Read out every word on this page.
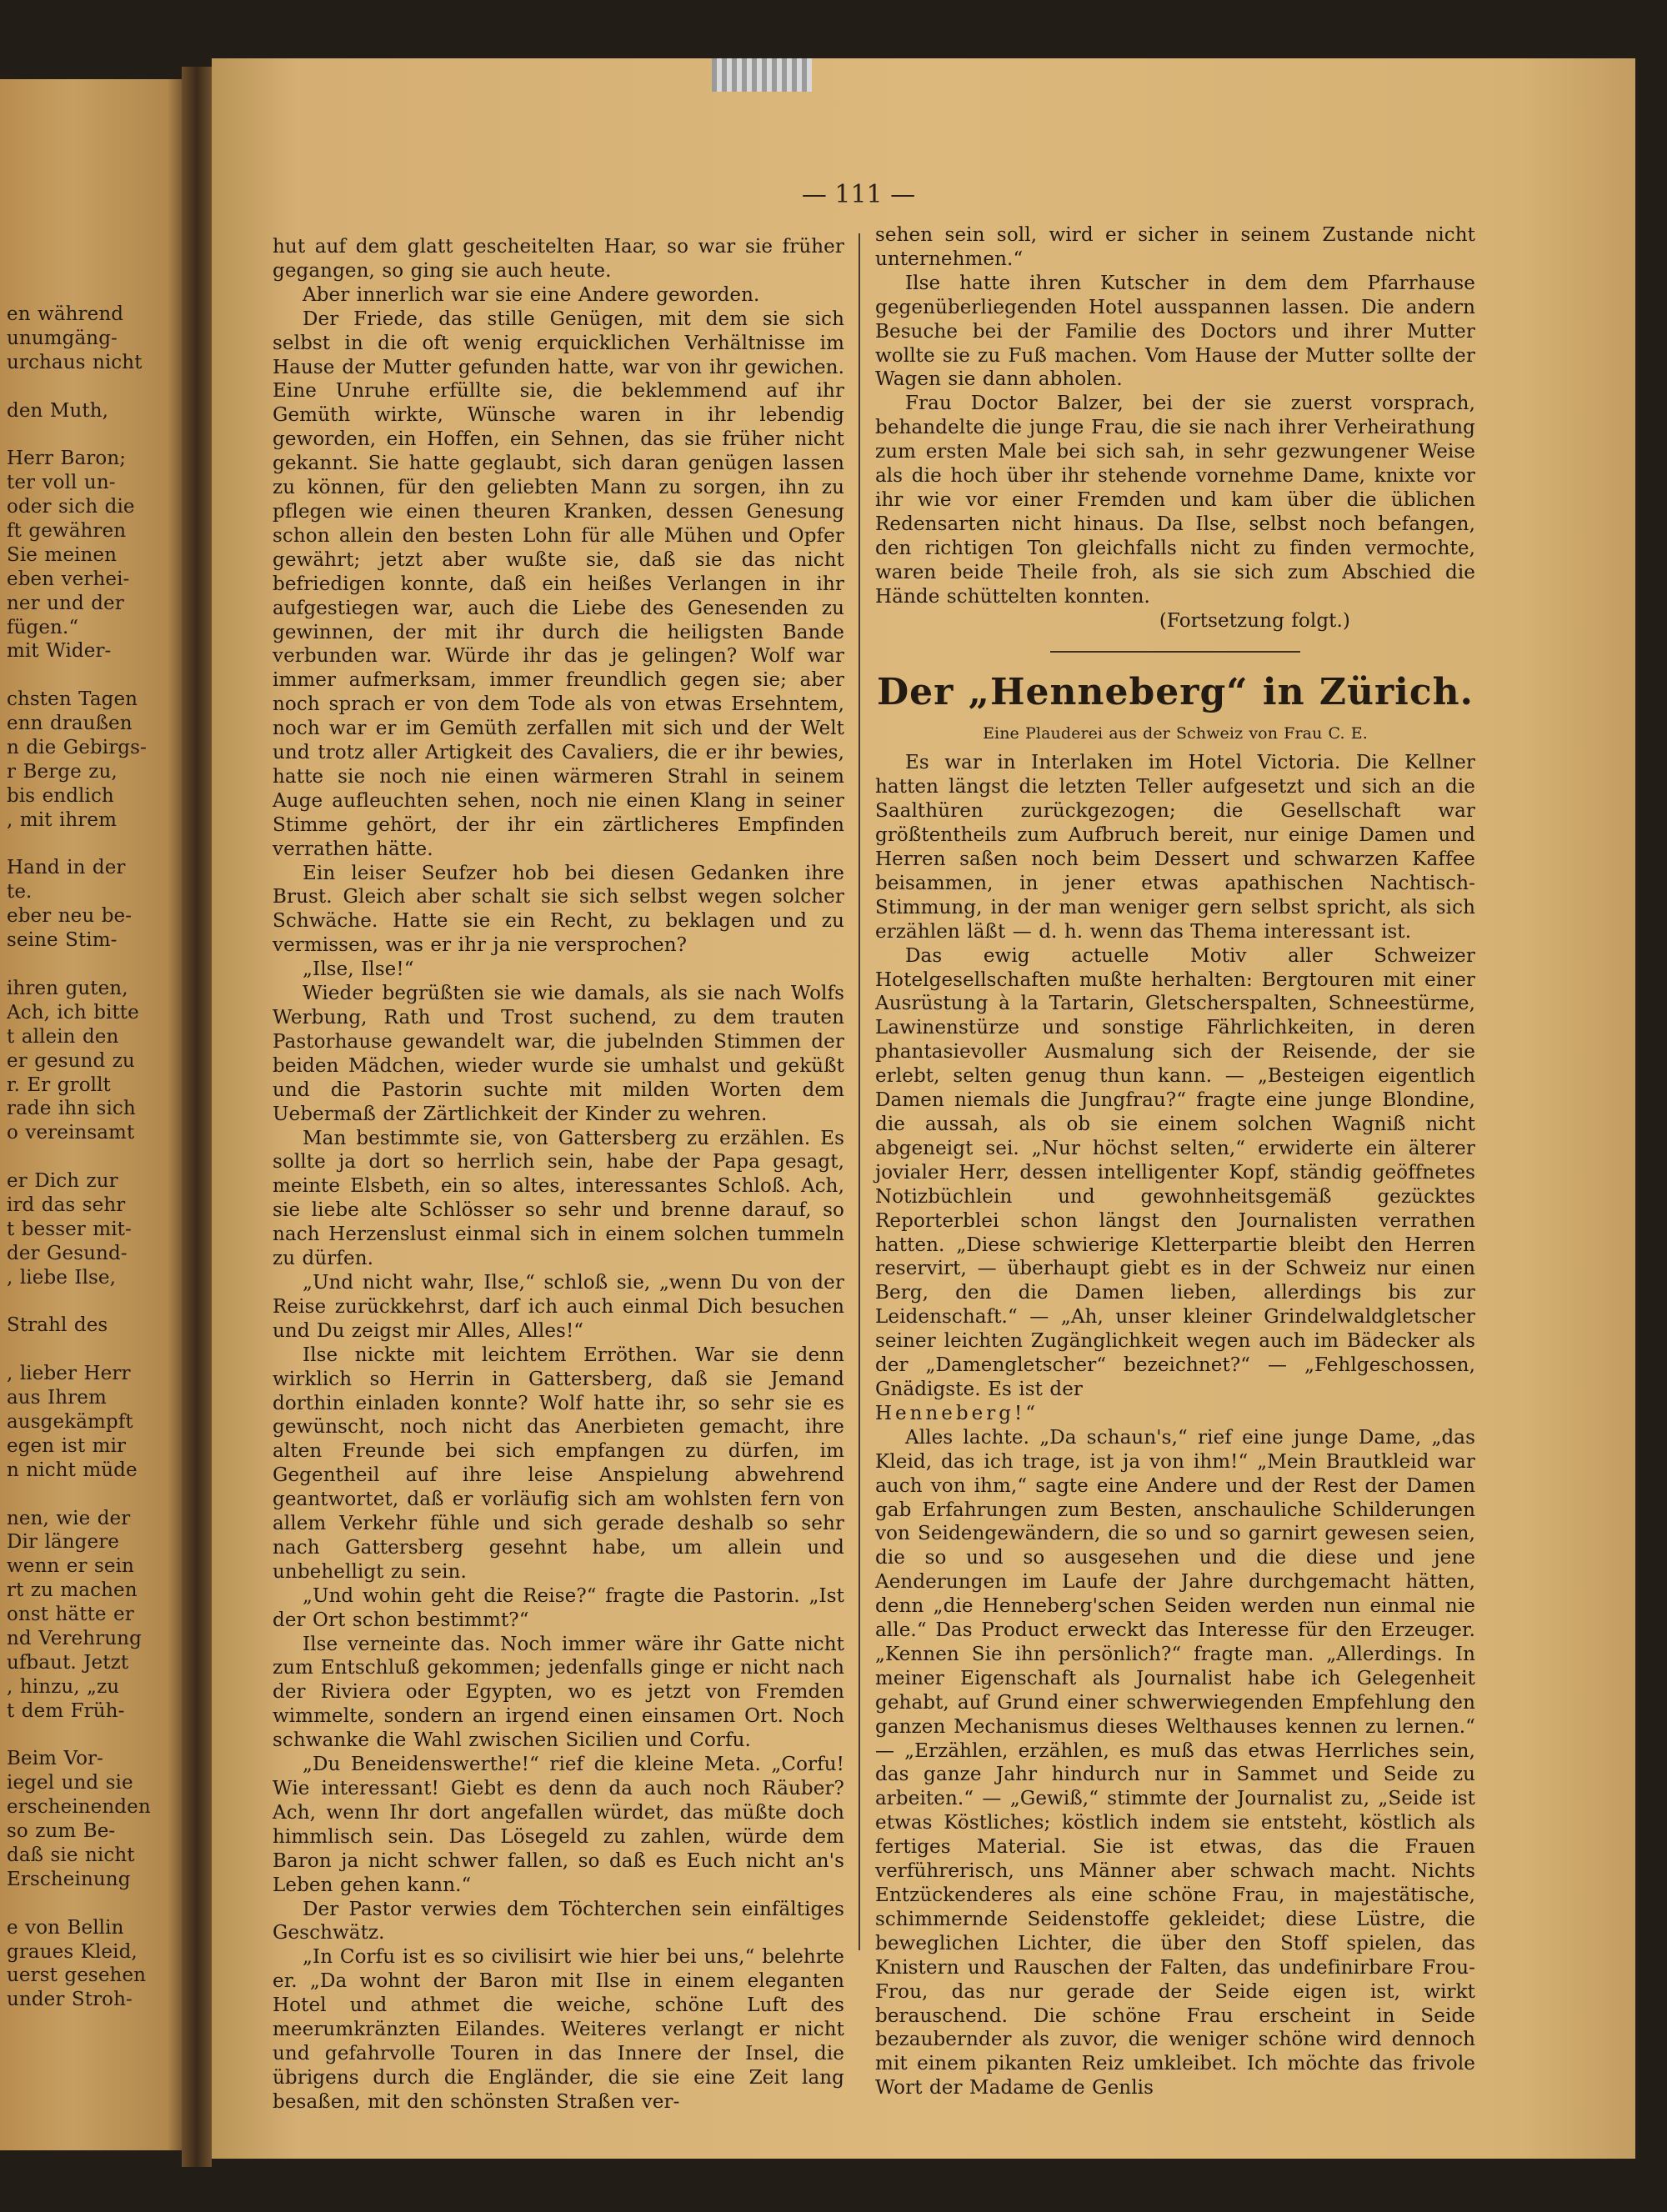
en während
unumgäng-
urchaus nicht
den Muth,
Herr Baron;
ter voll un-
oder sich die
ft gewähren
Sie meinen
eben verhei-
ner und der
fügen.“
mit Wider-
chsten Tagen
enn draußen
n die Gebirgs-
r Berge zu,
bis endlich
, mit ihrem
Hand in der
te.
eber neu be-
seine Stim-
ihren guten,
Ach, ich bitte
t allein den
er gesund zu
r. Er grollt
rade ihn sich
o vereinsamt
er Dich zur
ird das sehr
t besser mit-
der Gesund-
, liebe Ilse,
Strahl des
, lieber Herr
aus Ihrem
ausgekämpft
egen ist mir
n nicht müde
nen, wie der
Dir längere
wenn er sein
rt zu machen
onst hätte er
nd Verehrung
ufbaut. Jetzt
, hinzu, „zu
t dem Früh-
Beim Vor-
iegel und sie
erscheinenden
so zum Be-
daß sie nicht
Erscheinung
e von Bellin
graues Kleid,
uerst gesehen
under Stroh-
— 111 —

hut auf dem glatt gescheitelten Haar, so war sie früher gegangen, so ging sie auch heute.

Aber innerlich war sie eine Andere geworden.

Der Friede, das stille Genügen, mit dem sie sich selbst in die oft wenig erquicklichen Verhältnisse im Hause der Mutter gefunden hatte, war von ihr gewichen. Eine Unruhe erfüllte sie, die beklemmend auf ihr Gemüth wirkte, Wünsche waren in ihr lebendig geworden, ein Hoffen, ein Sehnen, das sie früher nicht gekannt. Sie hatte geglaubt, sich daran genügen lassen zu können, für den geliebten Mann zu sorgen, ihn zu pflegen wie einen theuren Kranken, dessen Genesung schon allein den besten Lohn für alle Mühen und Opfer gewährt; jetzt aber wußte sie, daß sie das nicht befriedigen konnte, daß ein heißes Verlangen in ihr aufgestiegen war, auch die Liebe des Genesenden zu gewinnen, der mit ihr durch die heiligsten Bande verbunden war. Würde ihr das je gelingen? Wolf war immer aufmerksam, immer freundlich gegen sie; aber noch sprach er von dem Tode als von etwas Ersehntem, noch war er im Gemüth zerfallen mit sich und der Welt und trotz aller Artigkeit des Cavaliers, die er ihr bewies, hatte sie noch nie einen wärmeren Strahl in seinem Auge aufleuchten sehen, noch nie einen Klang in seiner Stimme gehört, der ihr ein zärtlicheres Empfinden verrathen hätte.

Ein leiser Seufzer hob bei diesen Gedanken ihre Brust. Gleich aber schalt sie sich selbst wegen solcher Schwäche. Hatte sie ein Recht, zu beklagen und zu vermissen, was er ihr ja nie versprochen?

„Ilse, Ilse!“

Wieder begrüßten sie wie damals, als sie nach Wolfs Werbung, Rath und Trost suchend, zu dem trauten Pastorhause gewandelt war, die jubelnden Stimmen der beiden Mädchen, wieder wurde sie umhalst und geküßt und die Pastorin suchte mit milden Worten dem Uebermaß der Zärtlichkeit der Kinder zu wehren.

Man bestimmte sie, von Gattersberg zu erzählen. Es sollte ja dort so herrlich sein, habe der Papa gesagt, meinte Elsbeth, ein so altes, interessantes Schloß. Ach, sie liebe alte Schlösser so sehr und brenne darauf, so nach Herzenslust einmal sich in einem solchen tummeln zu dürfen.

„Und nicht wahr, Ilse,“ schloß sie, „wenn Du von der Reise zurückkehrst, darf ich auch einmal Dich besuchen und Du zeigst mir Alles, Alles!“

Ilse nickte mit leichtem Erröthen. War sie denn wirklich so Herrin in Gattersberg, daß sie Jemand dorthin einladen konnte? Wolf hatte ihr, so sehr sie es gewünscht, noch nicht das Anerbieten gemacht, ihre alten Freunde bei sich empfangen zu dürfen, im Gegentheil auf ihre leise Anspielung abwehrend geantwortet, daß er vorläufig sich am wohlsten fern von allem Verkehr fühle und sich gerade deshalb so sehr nach Gattersberg gesehnt habe, um allein und unbehelligt zu sein.

„Und wohin geht die Reise?“ fragte die Pastorin. „Ist der Ort schon bestimmt?“

Ilse verneinte das. Noch immer wäre ihr Gatte nicht zum Entschluß gekommen; jedenfalls ginge er nicht nach der Riviera oder Egypten, wo es jetzt von Fremden wimmelte, sondern an irgend einen einsamen Ort. Noch schwanke die Wahl zwischen Sicilien und Corfu.

„Du Beneidenswerthe!“ rief die kleine Meta. „Corfu! Wie interessant! Giebt es denn da auch noch Räuber? Ach, wenn Ihr dort angefallen würdet, das müßte doch himmlisch sein. Das Lösegeld zu zahlen, würde dem Baron ja nicht schwer fallen, so daß es Euch nicht an's Leben gehen kann.“

Der Pastor verwies dem Töchterchen sein einfältiges Geschwätz.

„In Corfu ist es so civilisirt wie hier bei uns,“ belehrte er. „Da wohnt der Baron mit Ilse in einem eleganten Hotel und athmet die weiche, schöne Luft des meerumkränzten Eilandes. Weiteres verlangt er nicht und gefahrvolle Touren in das Innere der Insel, die übrigens durch die Engländer, die sie eine Zeit lang besaßen, mit den schönsten Straßen ver-

sehen sein soll, wird er sicher in seinem Zustande nicht unternehmen.“

Ilse hatte ihren Kutscher in dem dem Pfarrhause gegenüberliegenden Hotel ausspannen lassen. Die andern Besuche bei der Familie des Doctors und ihrer Mutter wollte sie zu Fuß machen. Vom Hause der Mutter sollte der Wagen sie dann abholen.

Frau Doctor Balzer, bei der sie zuerst vorsprach, behandelte die junge Frau, die sie nach ihrer Verheirathung zum ersten Male bei sich sah, in sehr gezwungener Weise als die hoch über ihr stehende vornehme Dame, knixte vor ihr wie vor einer Fremden und kam über die üblichen Redensarten nicht hinaus. Da Ilse, selbst noch befangen, den richtigen Ton gleichfalls nicht zu finden vermochte, waren beide Theile froh, als sie sich zum Abschied die Hände schüttelten konnten.

(Fortsetzung folgt.)

Der „Henneberg“ in Zürich.
Eine Plauderei aus der Schweiz von Frau C. E.

Es war in Interlaken im Hotel Victoria. Die Kellner hatten längst die letzten Teller aufgesetzt und sich an die Saalthüren zurückgezogen; die Gesellschaft war größtentheils zum Aufbruch bereit, nur einige Damen und Herren saßen noch beim Dessert und schwarzen Kaffee beisammen, in jener etwas apathischen Nachtisch-Stimmung, in der man weniger gern selbst spricht, als sich erzählen läßt — d. h. wenn das Thema interessant ist.

Das ewig actuelle Motiv aller Schweizer Hotelgesellschaften mußte herhalten: Bergtouren mit einer Ausrüstung à la Tartarin, Gletscherspalten, Schneestürme, Lawinenstürze und sonstige Fährlichkeiten, in deren phantasievoller Ausmalung sich der Reisende, der sie erlebt, selten genug thun kann. — „Besteigen eigentlich Damen niemals die Jungfrau?“ fragte eine junge Blondine, die aussah, als ob sie einem solchen Wagniß nicht abgeneigt sei. „Nur höchst selten,“ erwiderte ein älterer jovialer Herr, dessen intelligenter Kopf, ständig geöffnetes Notizbüchlein und gewohnheitsgemäß gezücktes Reporterblei schon längst den Journalisten verrathen hatten. „Diese schwierige Kletterpartie bleibt den Herren reservirt, — überhaupt giebt es in der Schweiz nur einen Berg, den die Damen lieben, allerdings bis zur Leidenschaft.“ — „Ah, unser kleiner Grindelwaldgletscher seiner leichten Zugänglichkeit wegen auch im Bädecker als der „Damengletscher“ bezeichnet?“ — „Fehlgeschossen, Gnädigste. Es ist der

Henneberg!“

Alles lachte. „Da schaun's,“ rief eine junge Dame, „das Kleid, das ich trage, ist ja von ihm!“ „Mein Brautkleid war auch von ihm,“ sagte eine Andere und der Rest der Damen gab Erfahrungen zum Besten, anschauliche Schilderungen von Seidengewändern, die so und so garnirt gewesen seien, die so und so ausgesehen und die diese und jene Aenderungen im Laufe der Jahre durchgemacht hätten, denn „die Henneberg'schen Seiden werden nun einmal nie alle.“ Das Product erweckt das Interesse für den Erzeuger. „Kennen Sie ihn persönlich?“ fragte man. „Allerdings. In meiner Eigenschaft als Journalist habe ich Gelegenheit gehabt, auf Grund einer schwerwiegenden Empfehlung den ganzen Mechanismus dieses Welthauses kennen zu lernen.“ — „Erzählen, erzählen, es muß das etwas Herrliches sein, das ganze Jahr hindurch nur in Sammet und Seide zu arbeiten.“ — „Gewiß,“ stimmte der Journalist zu, „Seide ist etwas Köstliches; köstlich indem sie entsteht, köstlich als fertiges Material. Sie ist etwas, das die Frauen verführerisch, uns Männer aber schwach macht. Nichts Entzückenderes als eine schöne Frau, in majestätische, schimmernde Seidenstoffe gekleidet; diese Lüstre, die beweglichen Lichter, die über den Stoff spielen, das Knistern und Rauschen der Falten, das undefinirbare Frou-Frou, das nur gerade der Seide eigen ist, wirkt berauschend. Die schöne Frau erscheint in Seide bezaubernder als zuvor, die weniger schöne wird dennoch mit einem pikanten Reiz umkleibet. Ich möchte das frivole Wort der Madame de Genlis
